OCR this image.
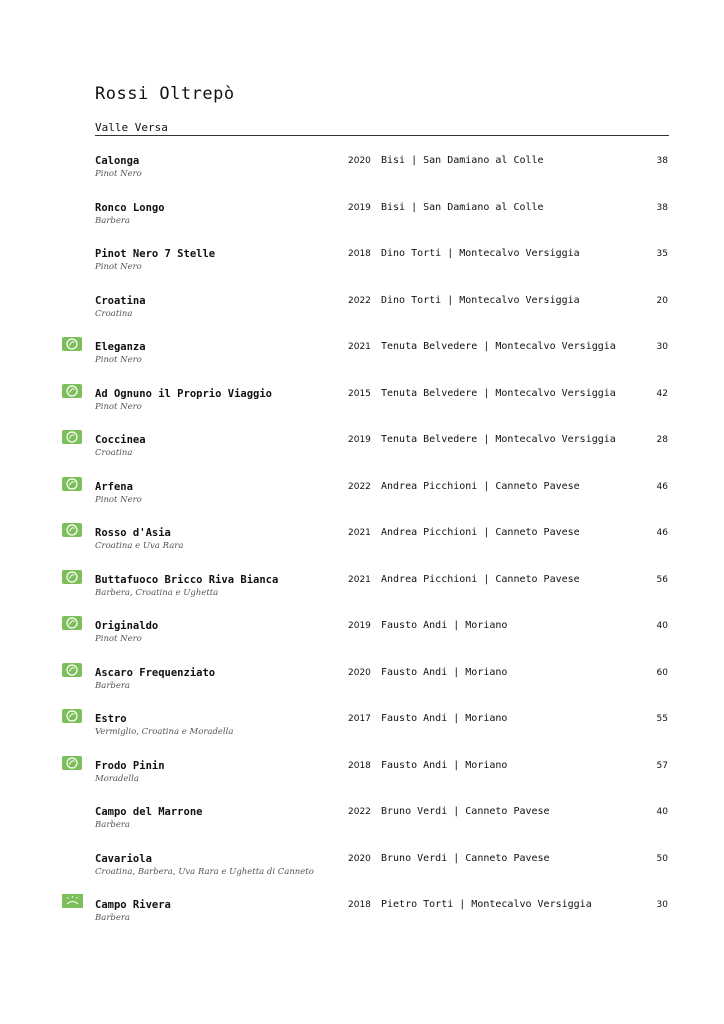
Rossi Oltrepò
Valle Versa
Calonga
Pinot Nero
2020 Bisi | San Damiano al Colle	38
Ronco Longo
Barbera
2019 Bisi | San Damiano al Colle	38
Pinot Nero 7 Stelle
Pinot Nero
2018 Dino Torti | Montecalvo Versiggia	35
Croatina
Croatina
2022 Dino Torti | Montecalvo Versiggia	20
Eleganza
Pinot Nero
2021 Tenuta Belvedere | Montecalvo Versiggia	30
Ad Ognuno il Proprio Viaggio
Pinot Nero
2015 Tenuta Belvedere | Montecalvo Versiggia	42
Coccinea
Croatina
2019 Tenuta Belvedere | Montecalvo Versiggia	28
Arfena
Pinot Nero
2022 Andrea Picchioni | Canneto Pavese	46
Rosso d'Asia
Croatina e Uva Rara
2021 Andrea Picchioni | Canneto Pavese	46
Buttafuoco Bricco Riva Bianca
Barbera, Croatina e Ughetta
2021 Andrea Picchioni | Canneto Pavese	56
Originaldo
Pinot Nero
2019 Fausto Andi | Moriano	40
Ascaro Frequenziato
Barbera
2020 Fausto Andi | Moriano	60
Estro
Vermiglio, Croatina e Moradella
2017 Fausto Andi | Moriano	55
Frodo Pinin
Moradella
2018 Fausto Andi | Moriano	57
Campo del Marrone
Barbera
2022 Bruno Verdi | Canneto Pavese	40
Cavariola
Croatina, Barbera, Uva Rara e Ughetta di Canneto
2020 Bruno Verdi | Canneto Pavese	50
Campo Rivera
Barbera
2018 Pietro Torti | Montecalvo Versiggia	30
